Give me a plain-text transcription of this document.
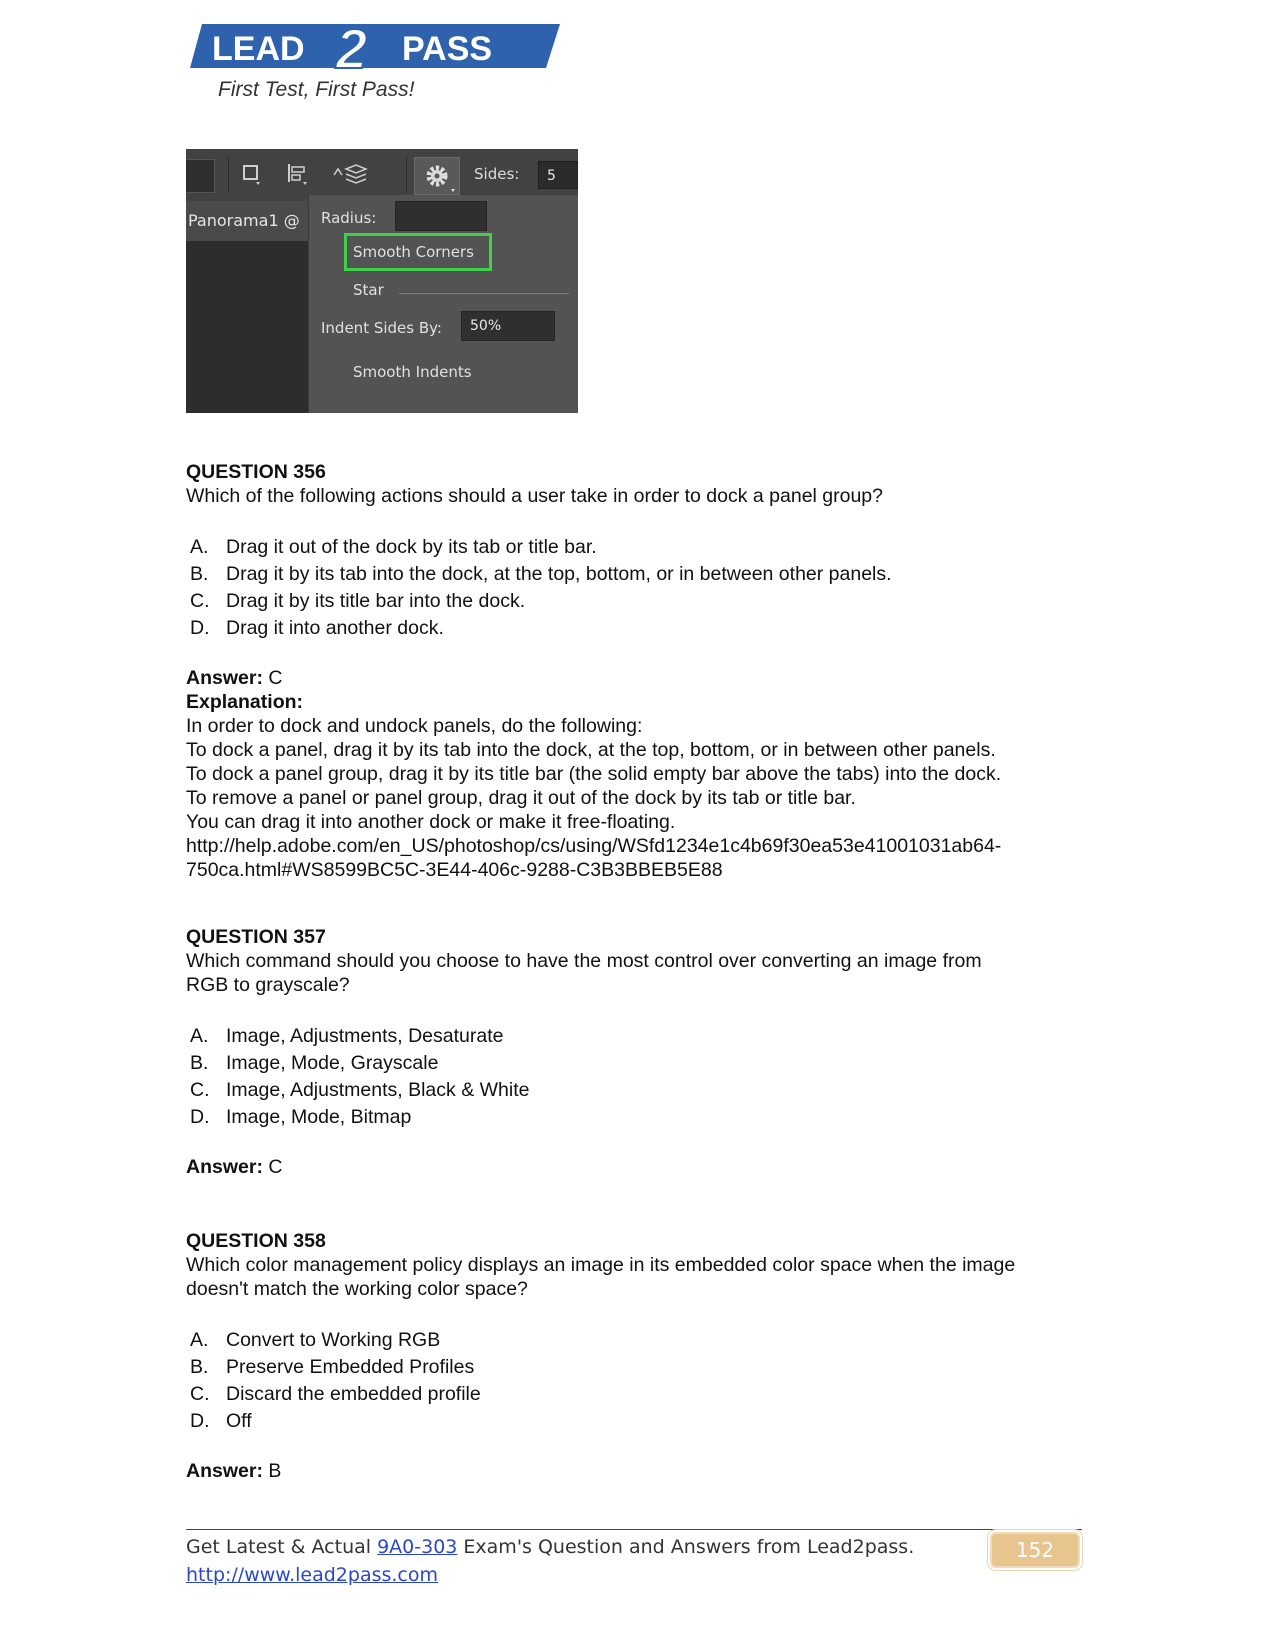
LEAD 2 PASS
First Test, First Pass!
Sides:	5
Panorama1 @	Radius:
Smooth Corners
Star
Indent Sides By:	50%
Smooth Indents
QUESTION 356
Which of the following actions should a user take in order to dock a panel group?
A. Drag it out of the dock by its tab or title bar.
B. Drag it by its tab into the dock, at the top, bottom, or in between other panels.
C. Drag it by its title bar into the dock.
D. Drag it into another dock.
Answer: C
Explanation:
In order to dock and undock panels, do the following:
To dock a panel, drag it by its tab into the dock, at the top, bottom, or in between other panels.
To dock a panel group, drag it by its title bar (the solid empty bar above the tabs) into the dock.
To remove a panel or panel group, drag it out of the dock by its tab or title bar.
You can drag it into another dock or make it free-floating.
http://help.adobe.com/en_US/photoshop/cs/using/WSfd1234e1c4b69f30ea53e41001031ab64-
750ca.html#WS8599BC5C-3E44-406c-9288-C3B3BBEB5E88
QUESTION 357
Which command should you choose to have the most control over converting an image from
RGB to grayscale?
A. Image, Adjustments, Desaturate
B. Image, Mode, Grayscale
C. Image, Adjustments, Black & White
D. Image, Mode, Bitmap
Answer: C
QUESTION 358
Which color management policy displays an image in its embedded color space when the image
doesn't match the working color space?
A. Convert to Working RGB
B. Preserve Embedded Profiles
C. Discard the embedded profile
D. Off
Answer: B
Get Latest & Actual 9A0-303 Exam's Question and Answers from Lead2pass.
http://www.lead2pass.com
152
